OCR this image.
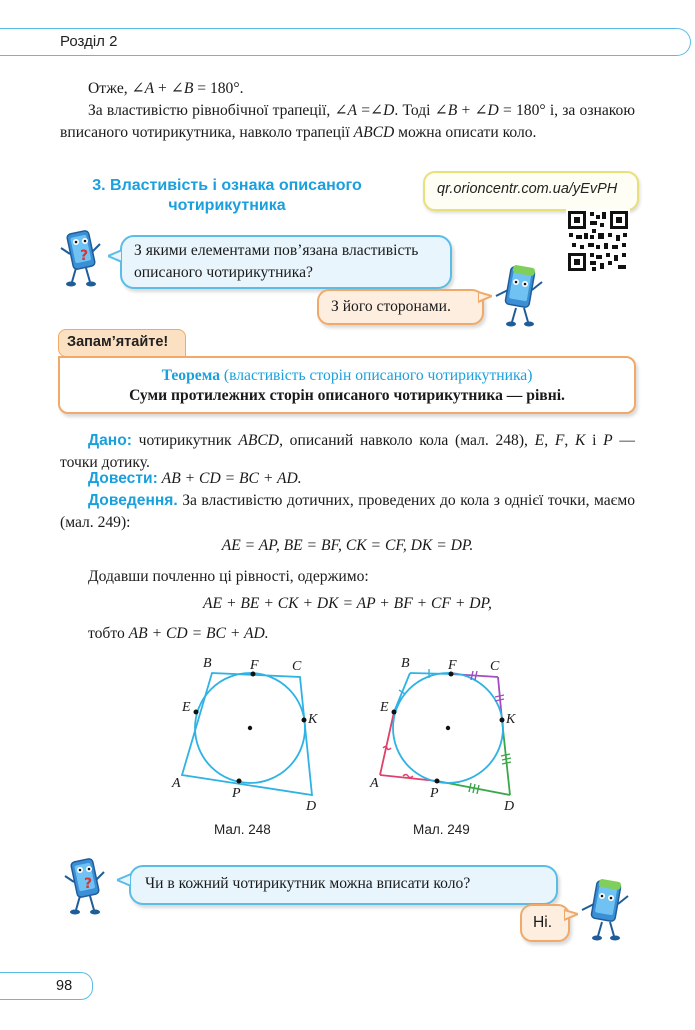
Розділ 2

Отже, ∠A + ∠B = 180°.

За властивістю рівнобічної трапеції, ∠A =∠D. Тоді ∠B + ∠D = 180° і, за ознакою вписаного чотирикутника, навколо трапеції ABCD можна описати коло.

3. Властивість і ознака описаного
чотирикутника
qr.orioncentr.com.ua/yEvPH
?	З якими елементами пов’язана властивість описаного чотирикутника?
З його сторонами.
Запам’ятайте!
Теорема (властивість сторін описаного чотирикутника)
Суми протилежних сторін описаного чотирикутника — рівні.

Дано: чотирикутник ABCD, описаний навколо кола (мал. 248), E, F, K і P — точки дотику.

Довести: AB + CD = BC + AD.

Доведення. За властивістю дотичних, проведених до кола з однієї точки, маємо (мал. 249):

AE = AP, BE = BF, CK = CF, DK = DP.

Додавши почленно ці рівності, одержимо:

AE + BE + CK + DK = AP + BF + CF + DP,

тобто AB + CD = BC + AD.

B	F C
E
K
A
P
D
Мал. 248
B	F C
E
K
A
P
D
Мал. 249
?	Чи в кожний чотирикутник можна вписати коло?
Ні.
98
